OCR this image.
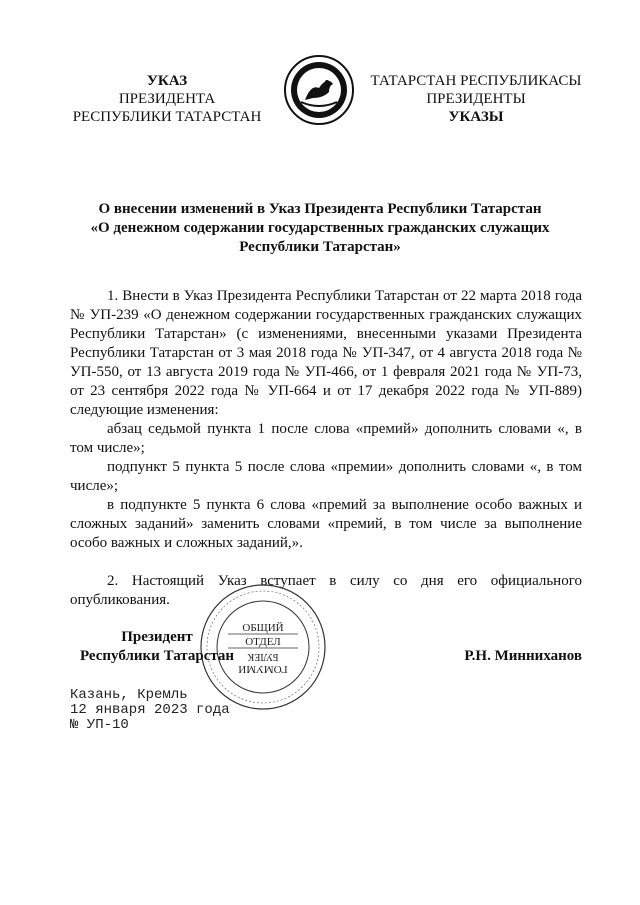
УКАЗ
ПРЕЗИДЕНТА
РЕСПУБЛИКИ ТАТАРСТАН
ТАТАРСТАН РЕСПУБЛИКАСЫ
ПРЕЗИДЕНТЫ
УКАЗЫ
О внесении изменений в Указ Президента Республики Татарстан
«О денежном содержании государственных гражданских служащих
Республики Татарстан»

1. Внести в Указ Президента Республики Татарстан от 22 марта 2018 года № УП-239 «О денежном содержании государственных гражданских служащих Республики Татарстан» (с изменениями, внесенными указами Президента Республики Татарстан от 3 мая 2018 года № УП-347, от 4 августа 2018 года № УП-550, от 13 августа 2019 года № УП-466, от 1 февраля 2021 года № УП-73, от 23 сентября 2022 года № УП-664 и от 17 декабря 2022 года № УП-889) следующие изменения:

абзац седьмой пункта 1 после слова «премий» дополнить словами «, в том числе»;

подпункт 5 пункта 5 после слова «премии» дополнить словами «, в том числе»;

в подпункте 5 пункта 6 слова «премий за выполнение особо важных и сложных заданий» заменить словами «премий, в том числе за выполнение особо важных и сложных заданий,».

2. Настоящий Указ вступает в силу со дня его официального опубликования.

ОБЩИЙ
ОТДЕЛ
БУЛЕК
ГОМУМИ
Президент
Республики Татарстан	Р.Н. Минниханов
Казань, Кремль
12 января 2023 года
№ УП-10
